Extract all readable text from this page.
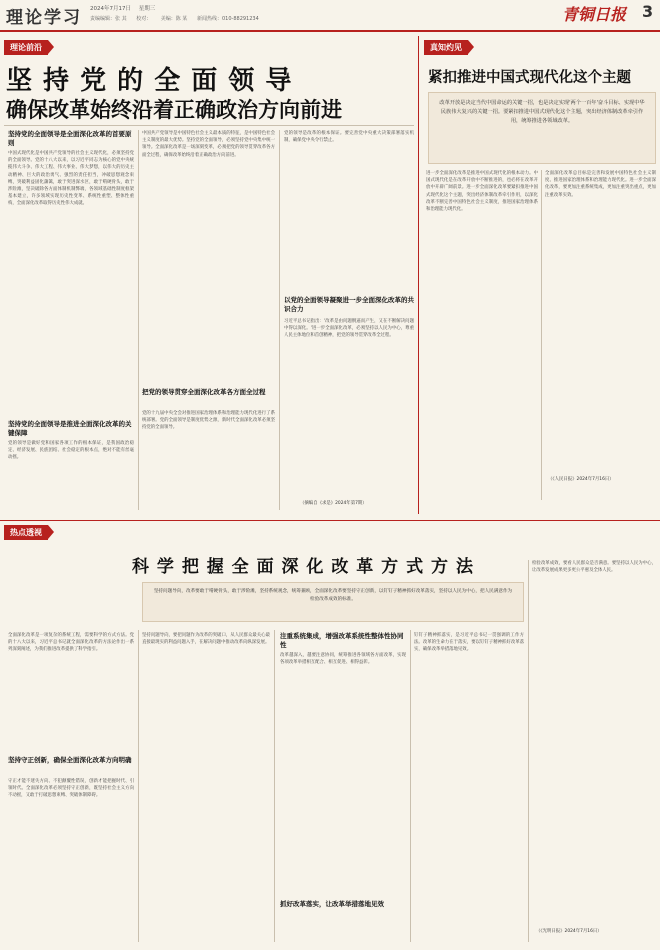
理论学习 2024年7月17日 星期三
责编编辑：张 其 校对： 美编：陈 某 新闻热线：010-88291234	青铜日报 3
理论前沿
坚 持 党 的 全 面 领 导
确保改革始终沿着正确政治方向前进
坚持党的全面领导是全面深化改革的首要原则
中国式现代化是中国共产党领导的社会主义现代化，必须坚持党的全面领导。党的十八大以来，以习近平同志为核心的党中央统揽伟大斗争、伟大工程、伟大事业、伟大梦想，以伟大的历史主动精神、巨大的政治勇气、强烈的责任担当，冲破思想观念束缚，突破利益固化藩篱，敢于突进深水区，敢于啃硬骨头，敢于涉险滩，坚决破除各方面体制机制弊端，各领域基础性制度框架基本建立，许多领域实现历史性变革、系统性重塑、整体性重构，全面深化改革取得历史性伟大成就。
坚持党的全面领导是推进全面深化改革的关键保障
党的领导是做好党和国家各项工作的根本保证，是我国政治稳定、经济发展、民族团结、社会稳定的根本点，绝对不能有丝毫动摇。
中国共产党领导是中国特色社会主义最本质的特征，是中国特色社会主义制度的最大优势。坚持党的全面领导，必须坚持党中央集中统一领导。全面深化改革是一场深刻变革，必须把党的领导贯穿改革各方面全过程，确保改革始终沿着正确政治方向前进。
把党的领导贯穿全面深化改革各方面全过程
党的十九届中央全会对推进国家治理体系和治理能力现代化进行了系统部署。党的全面领导是制度优势之源，新时代全面深化改革必须坚持党的全面领导。
党的领导是改革的根本保证。要完善党中央重大决策部署落实机制，确保党中央令行禁止。
以党的全面领导凝聚进一步全面深化改革的共识合力
习近平总书记指出：'改革是由问题倒逼而产生，又在不断解决问题中得以深化。'进一步全面深化改革，必须坚持以人民为中心，尊重人民主体地位和首创精神，把党的领导贯穿改革全过程。
（摘编自《求是》2024年第7期）
真知灼见
紧扣推进中国式现代化这个主题
改革开放是决定当代中国命运的关键一招，也是决定实现'两个一百年'奋斗目标、实现中华民族伟大复兴的关键一招。要紧扣推进中国式现代化这个主题，突出经济体制改革牵引作用，统筹推进各领域改革。
进一步全面深化改革是推进中国式现代化的根本动力。中国式现代化是在改革开放中不断推进的，也必将在改革开放中开辟广阔前景。进一步全面深化改革要紧扣推进中国式现代化这个主题，突出经济体制改革牵引作用，以深化改革不断完善中国特色社会主义制度，推进国家治理体系和治理能力现代化。
全面深化改革总目标是完善和发展中国特色社会主义制度、推进国家治理体系和治理能力现代化。进一步全面深化改革，要更加注重系统集成，更加注重突出重点，更加注重改革实效。
（《人民日报》2024年7月16日）
热点透视
科 学 把 握 全 面 深 化 改 革 方 式 方 法
坚持问题导向，改革要敢于啃硬骨头，敢于涉险滩，坚持系统观念，统筹兼顾，全面深化改革要坚持守正创新，以钉钉子精神抓好改革落实，坚持以人民为中心，把人民满意作为检验改革成效的标准。
全面深化改革是一项复杂的系统工程，需要科学的方式方法。党的十八大以来，习近平总书记就全面深化改革的方法论作出一系列深刻阐述，为我们推进改革提供了科学指引。
坚持守正创新，确保全面深化改革方向明确
守正才能不迷失方向、不犯颠覆性错误，创新才能把握时代、引领时代。全面深化改革必须坚持守正创新，既坚持社会主义方向不动摇，又敢于打破思想束缚、突破体制障碍。
坚持问题导向，要把问题作为改革的突破口，从人民群众最关心最直接最现实的利益问题入手，在解决问题中推动改革向纵深发展。
注重系统集成，增强改革系统性整体性协同性
改革越深入，越要注意协同，统筹推进各领域各方面改革，实现各项改革举措相互配合、相互促进、相得益彰。
抓好改革落实，让改革举措落地见效
钉钉子精神抓落实，是习近平总书记一贯强调的工作方法。改革的生命力在于落实，要以钉钉子精神抓好改革落实，确保改革举措落地见效。
检验改革成效，要看人民群众是否满意。要坚持以人民为中心，让改革发展成果更多更公平惠及全体人民。
（《光明日报》2024年7月16日）
